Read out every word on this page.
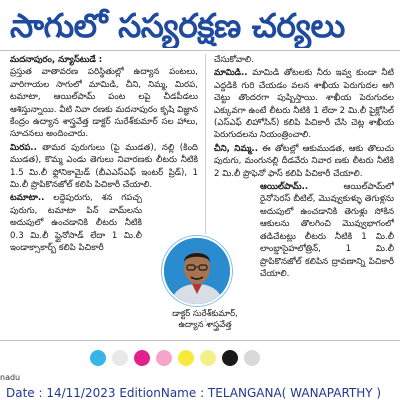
సాగులో సస్యరక్షణ చర్యలు

మదనాపురం, న్యూస్‌టుడే :
ప్రస్తుత వాతావరణ పరిస్థితుల్లో ఉద్యాన పంటలు, వారిగాయల సాగులో మామిడి, చీని, నిమ్మ, మిరప, టమాటా, ఆయిల్‌పామ్‌ పంట లపై చీడపీడలు ఆశిస్తున్నాయి. వీటి నివా రణకు మదనాపురం కృషి విజ్ఞాన కేంద్రం ఉద్యాన శాస్త్రవేత్త డాక్టర్‌ సురేశ్‌కుమార్‌ సల హాలు, సూచనలు అందించారు.

మిరప.. తామర పురుగులు (పై ముడత), నల్లి (కింది ముడత), కొమ్మ ఎండు తెగులు నివారణకు లీటరు నీటికి 1.5 మి.లీ ఫ్లోనికామైడ్‌ (బీఎఎస్‌ఎఫ్‌ ఇంటర్‌ ప్రిడ్‌), 1 మి.లీ ప్రొపికొనజోల్‌ కలిపి పిచికారీ చేయాలి.

టమాటా.. లద్దెపురుగు, శన గపచ్చ పురుగు, టమాటా పిన్‌ వామ్‌లను అదుపులో ఉంచడానికి లీటరు నీటికి 0.3 మి.లీ ప్లైనోసాడ్‌ లేదా 1 మి.లీ ఇండాక్సాకార్బ్‌ కలిపి పిచికారీ

చేసుకోవాలి.

మామిడి.. మామిడి తోటలకు నీరు ఇవ్వ కుండా నీటి ఎద్దడికి గురి చేయడం వలన శాఖీయ పెరుగుదల ఆగి చెట్టు తొందరగా పుష్పిస్తాయి. శాఖీయ పెరుగుదల ఎక్కువగా ఉంటే లీటరు నీటికి 1 లేదా 2 మి.లీ పైక్లోసిల్‌ (ఎస్‌ఎఫ్‌ లిహోసిన్‌) కలిపి పిచికారీ చేసి చెట్ల శాఖీయ పెరుగుదలను నియంత్రించాలి.

చీని, నిమ్మ.. ఈ తోటల్లో ఆకుముడత, ఆకు తొలుచు పురుగు, మంగునల్లి దీడవేరు నివార ణకు లీటరు నీటికి 2 మి.లీ ప్రొఫెనో ఫాస్‌ కలిపి పిచికారీ చేయాలి.

ఆయిల్‌పామ్‌.. ఆయిల్‌పామ్‌లో రైనోసెరస్‌ బీటిల్‌, మొవ్వుకుళ్ళు తెగుళ్లను అదుపులో ఉంచడానికి తెగుళ్లు సోకిన ఆకులను తొలగించి మొవ్వుభాగంలో తడిచేటట్లు లీటరు నీటికి 1 మి.లీ లాంబ్డాసైహలోత్రిన్‌, 1 మి.లీ ప్రొపికొనజోల్‌ కలిపిన ద్రావణాన్ని పిచికారీ చేయాలి.

డాక్టర్‌ సురేశ్‌కుమార్‌,
ఉద్యాన శాస్త్రవేత్త
nadu
Date : 14/11/2023 EditionName : TELANGANA( WANAPARTHY )
